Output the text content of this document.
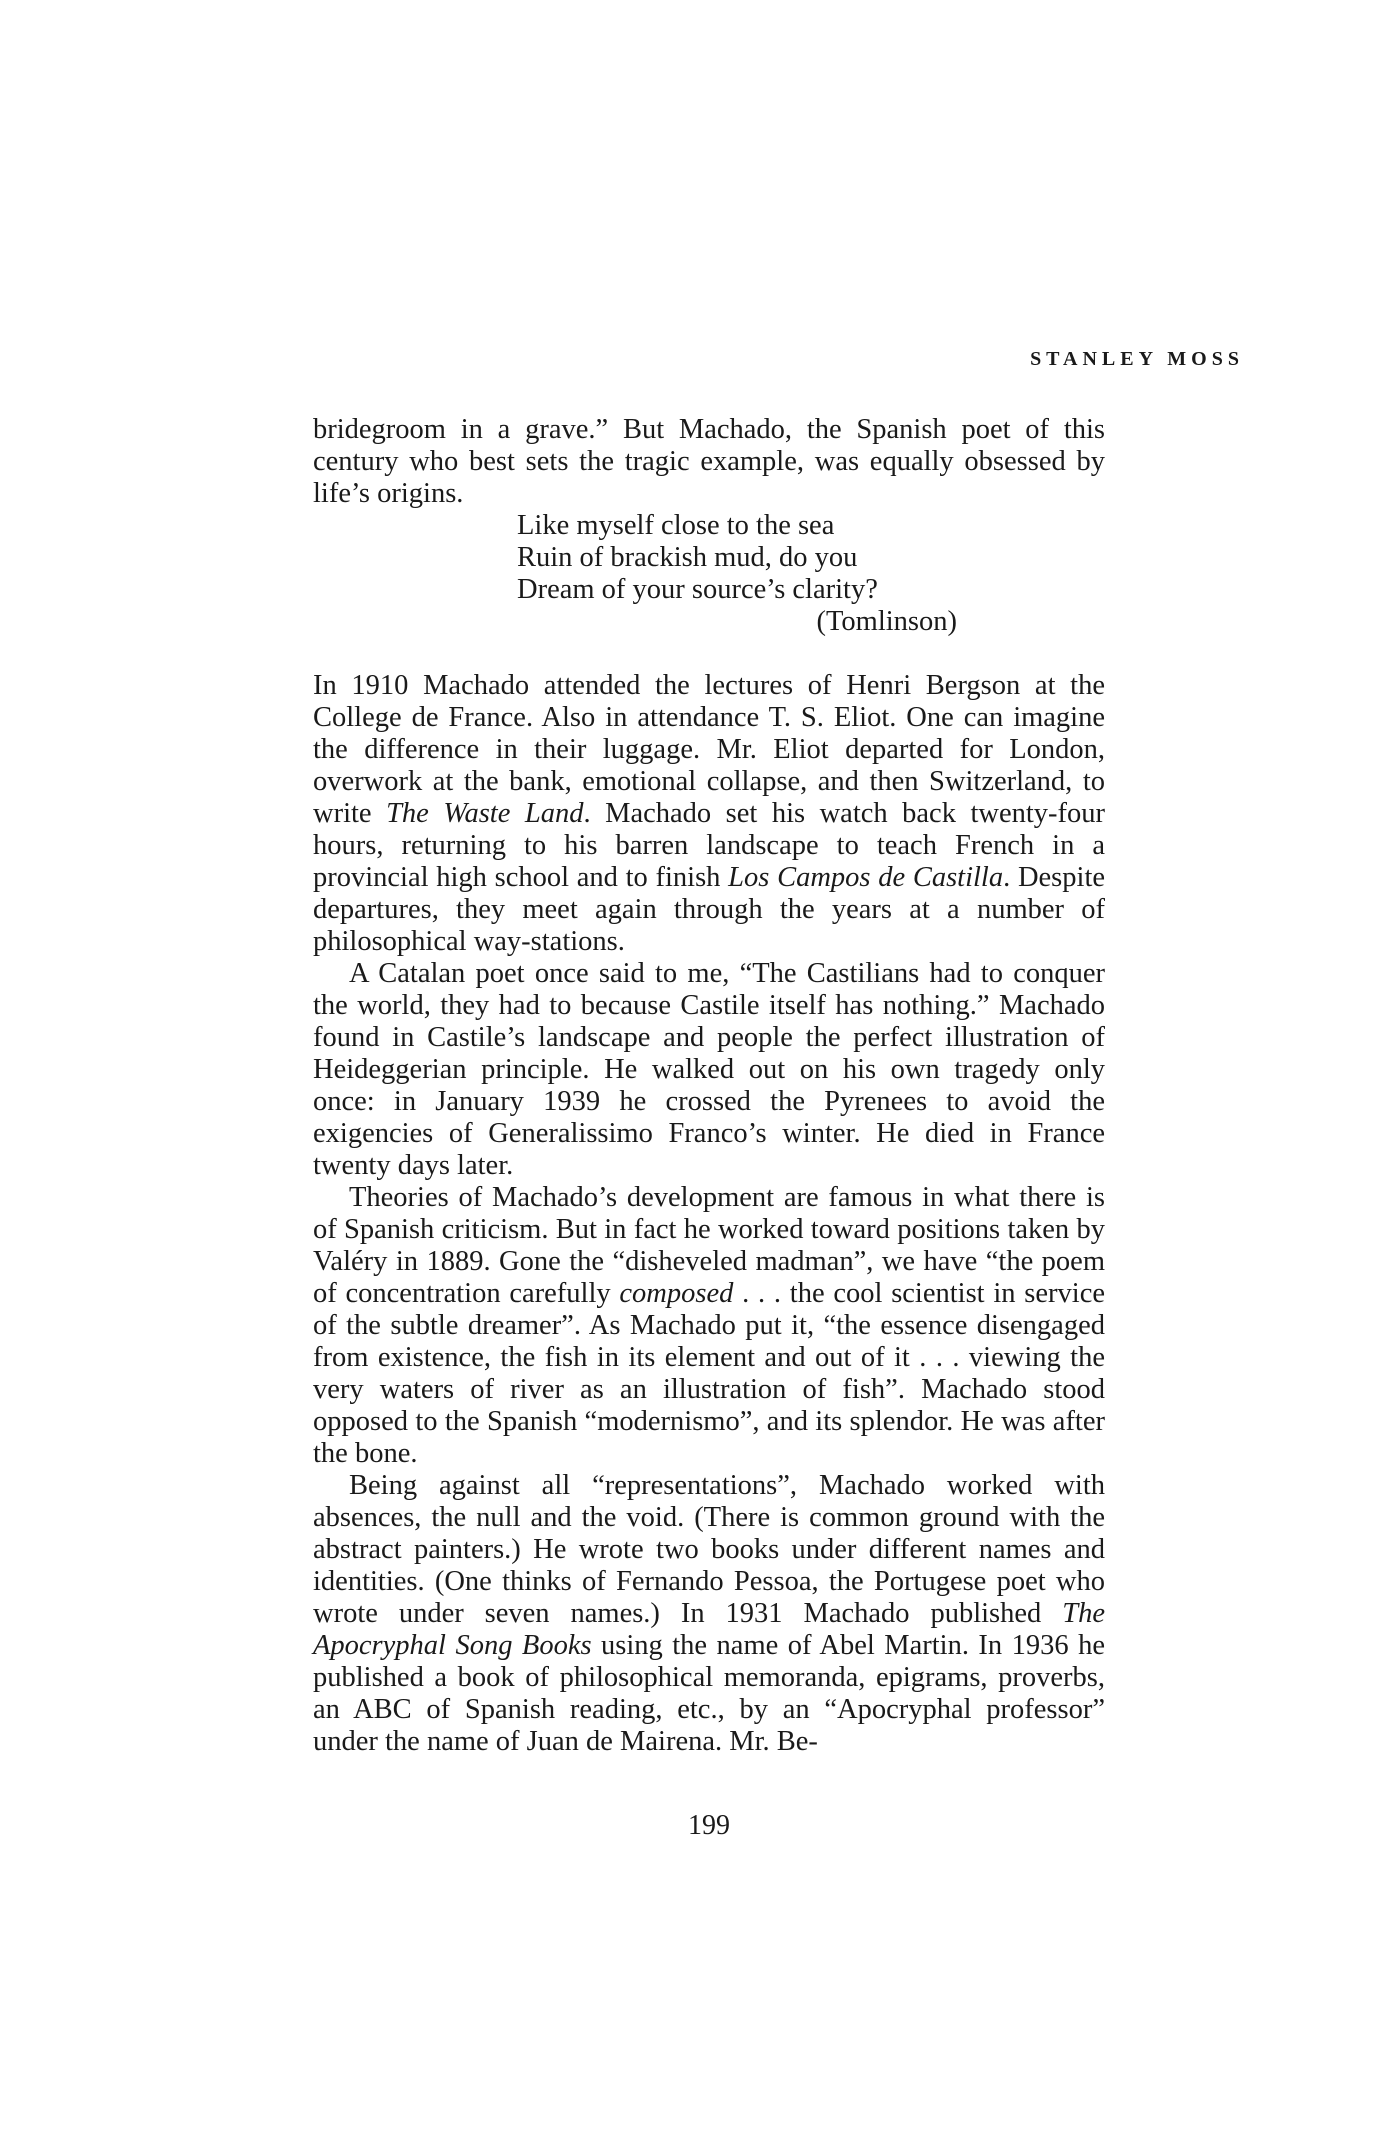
STANLEY MOSS

bridegroom in a grave.” But Machado, the Spanish poet of this century who best sets the tragic example, was equally obsessed by life’s origins.

Like myself close to the sea
Ruin of brackish mud, do you
Dream of your source’s clarity?
(Tomlinson)

In 1910 Machado attended the lectures of Henri Bergson at the College de France. Also in attendance T. S. Eliot. One can imagine the difference in their luggage. Mr. Eliot departed for London, overwork at the bank, emotional collapse, and then Switzerland, to write The Waste Land. Machado set his watch back twenty-four hours, returning to his barren landscape to teach French in a provincial high school and to finish Los Campos de Castilla. Despite departures, they meet again through the years at a number of philosophical way-stations.

A Catalan poet once said to me, “The Castilians had to conquer the world, they had to because Castile itself has nothing.” Machado found in Castile’s landscape and people the perfect illustration of Heideggerian principle. He walked out on his own tragedy only once: in January 1939 he crossed the Pyrenees to avoid the exigencies of Generalissimo Franco’s winter. He died in France twenty days later.

Theories of Machado’s development are famous in what there is of Spanish criticism. But in fact he worked toward positions taken by Valéry in 1889. Gone the “disheveled madman”, we have “the poem of concentration carefully composed . . . the cool scientist in service of the subtle dreamer”. As Machado put it, “the essence disengaged from existence, the fish in its element and out of it . . . viewing the very waters of river as an illustration of fish”. Machado stood opposed to the Spanish “modernismo”, and its splendor. He was after the bone.

Being against all “representations”, Machado worked with absences, the null and the void. (There is common ground with the abstract painters.) He wrote two books under different names and identities. (One thinks of Fernando Pessoa, the Portugese poet who wrote under seven names.) In 1931 Machado published The Apocryphal Song Books using the name of Abel Martin. In 1936 he published a book of philosophical memoranda, epigrams, proverbs, an ABC of Spanish reading, etc., by an “Apocryphal professor” under the name of Juan de Mairena. Mr. Be-

199
